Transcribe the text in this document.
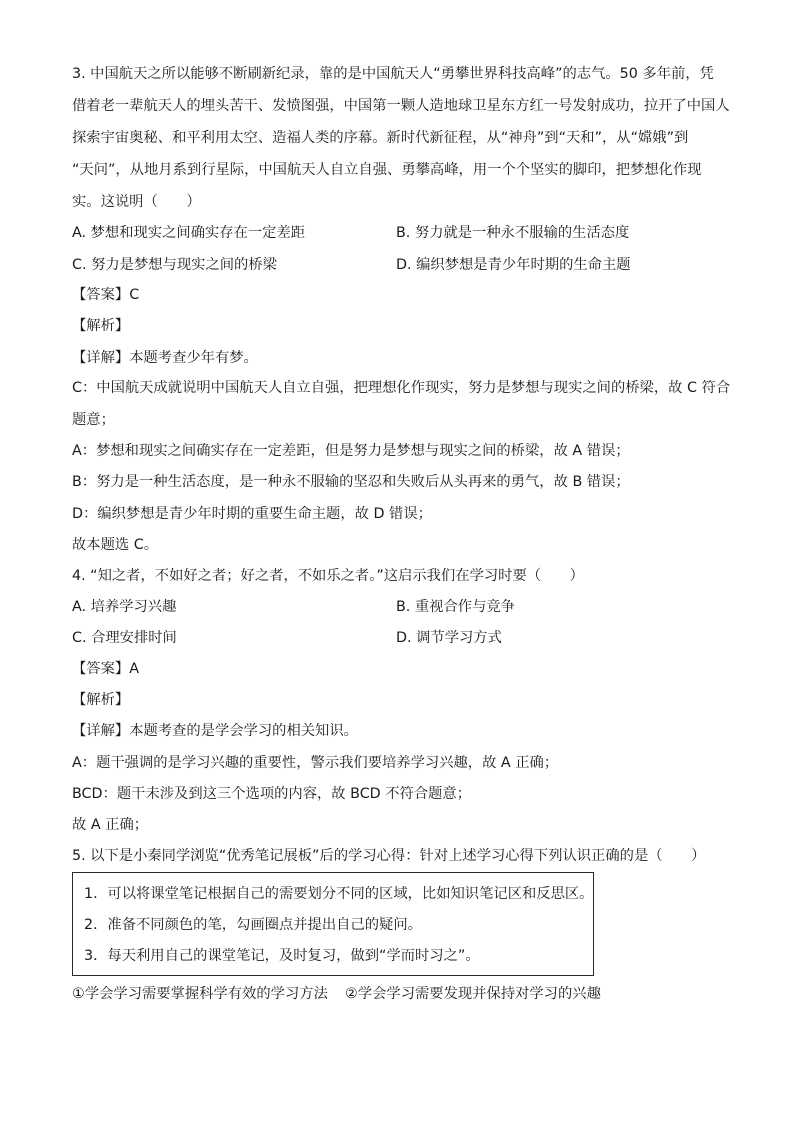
3. 中国航天之所以能够不断刷新纪录，靠的是中国航天人“勇攀世界科技高峰”的志气。50 多年前，凭
借着老一辈航天人的埋头苦干、发愤图强，中国第一颗人造地球卫星东方红一号发射成功，拉开了中国人
探索宇宙奥秘、和平利用太空、造福人类的序幕。新时代新征程，从“神舟”到“天和”，从“嫦娥”到
“天问”，从地月系到行星际，中国航天人自立自强、勇攀高峰，用一个个坚实的脚印，把梦想化作现
实。这说明（　　）
A. 梦想和现实之间确实存在一定差距	B. 努力就是一种永不服输的生活态度
C. 努力是梦想与现实之间的桥梁	D. 编织梦想是青少年时期的生命主题
【答案】C
【解析】
【详解】本题考查少年有梦。
C：中国航天成就说明中国航天人自立自强，把理想化作现实，努力是梦想与现实之间的桥梁，故 C 符合
题意；
A：梦想和现实之间确实存在一定差距，但是努力是梦想与现实之间的桥梁，故 A 错误；
B：努力是一种生活态度，是一种永不服输的坚忍和失败后从头再来的勇气，故 B 错误；
D：编织梦想是青少年时期的重要生命主题，故 D 错误；
故本题选 C。
4. “知之者，不如好之者；好之者，不如乐之者。”这启示我们在学习时要（　　）
A. 培养学习兴趣	B. 重视合作与竞争
C. 合理安排时间	D. 调节学习方式
【答案】A
【解析】
【详解】本题考查的是学会学习的相关知识。
A：题干强调的是学习兴趣的重要性，警示我们要培养学习兴趣，故 A 正确；
BCD：题干未涉及到这三个选项的内容，故 BCD 不符合题意；
故 A 正确；
5. 以下是小秦同学浏览“优秀笔记展板”后的学习心得：针对上述学习心得下列认识正确的是（　　）
1．可以将课堂笔记根据自己的需要划分不同的区域，比如知识笔记区和反思区。
2．准备不同颜色的笔，勾画圈点并提出自己的疑问。
3．每天利用自己的课堂笔记，及时复习，做到“学而时习之”。
①学会学习需要掌握科学有效的学习方法 ②学会学习需要发现并保持对学习的兴趣
